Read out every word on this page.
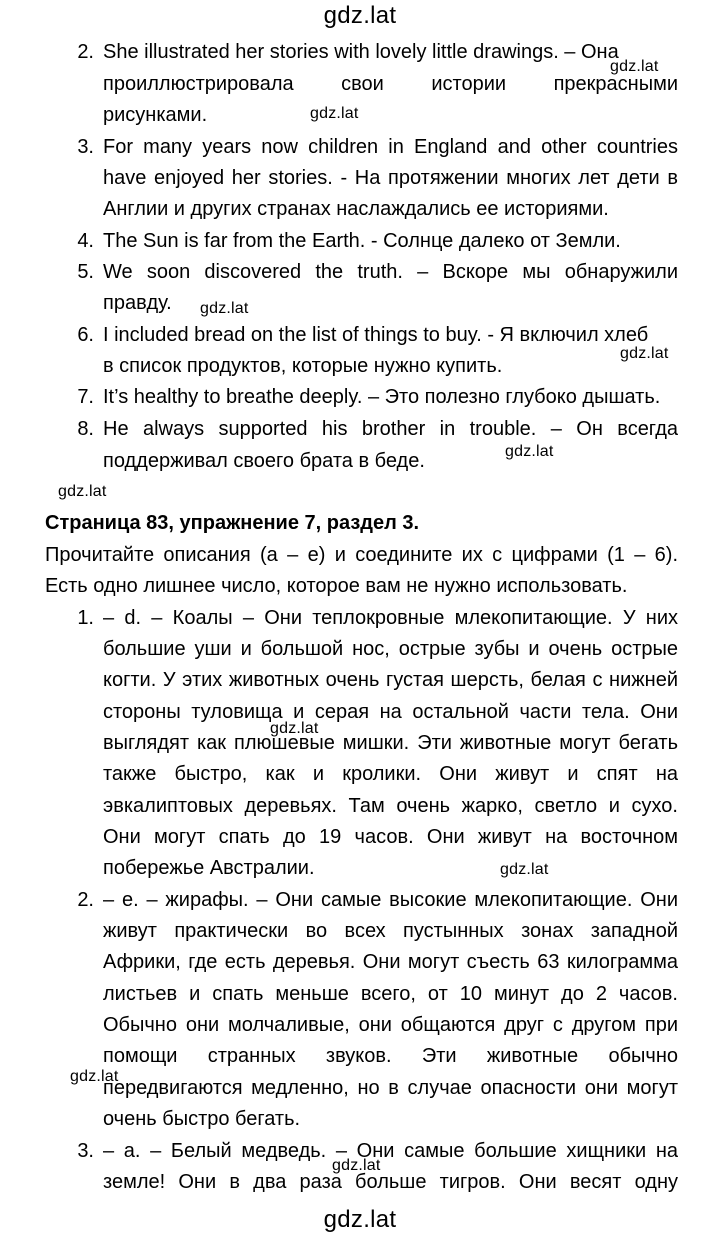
gdz.lat
2. She illustrated her stories with lovely little drawings. – Она
проиллюстрировала свои истории прекрасными
рисунками.
3. For many years now children in England and other countries
have enjoyed her stories. - На протяжении многих лет дети в
Англии и других странах наслаждались ее историями.
4. The Sun is far from the Earth. - Солнце далеко от Земли.
5. We soon discovered the truth. – Вскоре мы обнаружили
правду.
6. I included bread on the list of things to buy. - Я включил хлеб
в список продуктов, которые нужно купить.
7. It’s healthy to breathe deeply. – Это полезно глубоко дышать.
8. He always supported his brother in trouble. – Он всегда
поддерживал своего брата в беде.
Страница 83, упражнение 7, раздел 3.
Прочитайте описания (a – e) и соедините их с цифрами (1 – 6).
Есть одно лишнее число, которое вам не нужно использовать.
1. – d. – Коалы – Они теплокровные млекопитающие. У них
большие уши и большой нос, острые зубы и очень острые
когти. У этих животных очень густая шерсть, белая с нижней
стороны туловища и серая на остальной части тела. Они
выглядят как плюшевые мишки. Эти животные могут бегать
также быстро, как и кролики. Они живут и спят на
эвкалиптовых деревьях. Там очень жарко, светло и сухо.
Они могут спать до 19 часов. Они живут на восточном
побережье Австралии.
2. – e. – жирафы. – Они самые высокие млекопитающие. Они
живут практически во всех пустынных зонах западной
Африки, где есть деревья. Они могут съесть 63 килограмма
листьев и спать меньше всего, от 10 минут до 2 часов.
Обычно они молчаливые, они общаются друг с другом при
помощи странных звуков. Эти животные обычно
передвигаются медленно, но в случае опасности они могут
очень быстро бегать.
3. – a. – Белый медведь. – Они самые большие хищники на
земле! Они в два раза больше тигров. Они весят одну
gdz.lat
gdz.lat
gdz.lat
gdz.lat
gdz.lat
gdz.lat
gdz.lat
gdz.lat
gdz.lat
gdz.lat
gdz.lat
